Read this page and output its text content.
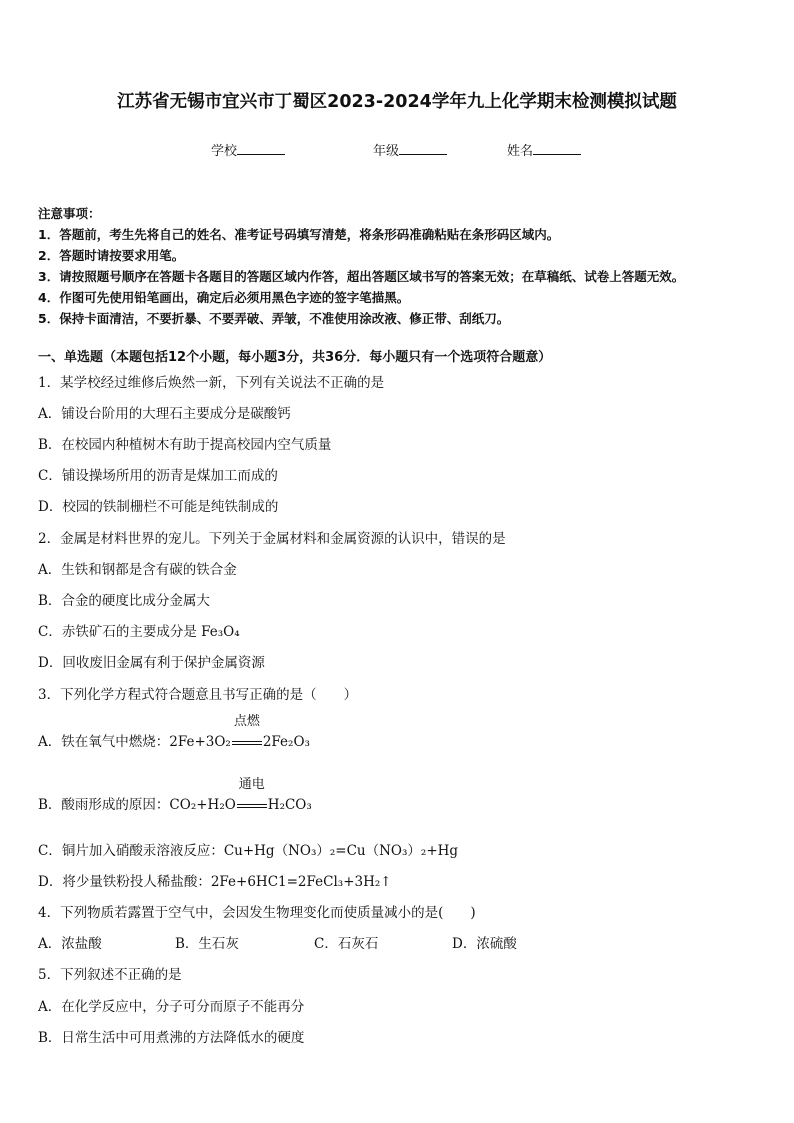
江苏省无锡市宜兴市丁蜀区2023-2024学年九上化学期末检测模拟试题
学校	年级	姓名
注意事项：
1．答题前，考生先将自己的姓名、准考证号码填写清楚，将条形码准确粘贴在条形码区域内。
2．答题时请按要求用笔。
3．请按照题号顺序在答题卡各题目的答题区域内作答，超出答题区域书写的答案无效；在草稿纸、试卷上答题无效。
4．作图可先使用铅笔画出，确定后必须用黑色字迹的签字笔描黑。
5．保持卡面清洁，不要折暴、不要弄破、弄皱，不准使用涂改液、修正带、刮纸刀。
一、单选题（本题包括12个小题，每小题3分，共36分．每小题只有一个选项符合题意）
1．某学校经过维修后焕然一新，下列有关说法不正确的是
A．铺设台阶用的大理石主要成分是碳酸钙
B．在校园内种植树木有助于提高校园内空气质量
C．铺设操场所用的沥青是煤加工而成的
D．校园的铁制栅栏不可能是纯铁制成的
2．金属是材料世界的宠儿。下列关于金属材料和金属资源的认识中，错误的是
A．生铁和钢都是含有碳的铁合金
B．合金的硬度比成分金属大
C．赤铁矿石的主要成分是 Fe₃O₄
D．回收废旧金属有利于保护金属资源
3．下列化学方程式符合题意且书写正确的是（　　）
A．铁在氧气中燃烧：2Fe+3O₂
点燃
2Fe₂O₃
B．酸雨形成的原因：CO₂+H₂O
通电
H₂CO₃
C．铜片加入硝酸汞溶液反应：Cu+Hg（NO₃）₂=Cu（NO₃）₂+Hg
D．将少量铁粉投人稀盐酸：2Fe+6HC1=2FeCl₃+3H₂↑
4．下列物质若露置于空气中，会因发生物理变化而使质量减小的是(　　)
A．浓盐酸	B．生石灰	C．石灰石	D．浓硫酸
5．下列叙述不正确的是
A．在化学反应中，分子可分而原子不能再分
B．日常生活中可用煮沸的方法降低水的硬度
